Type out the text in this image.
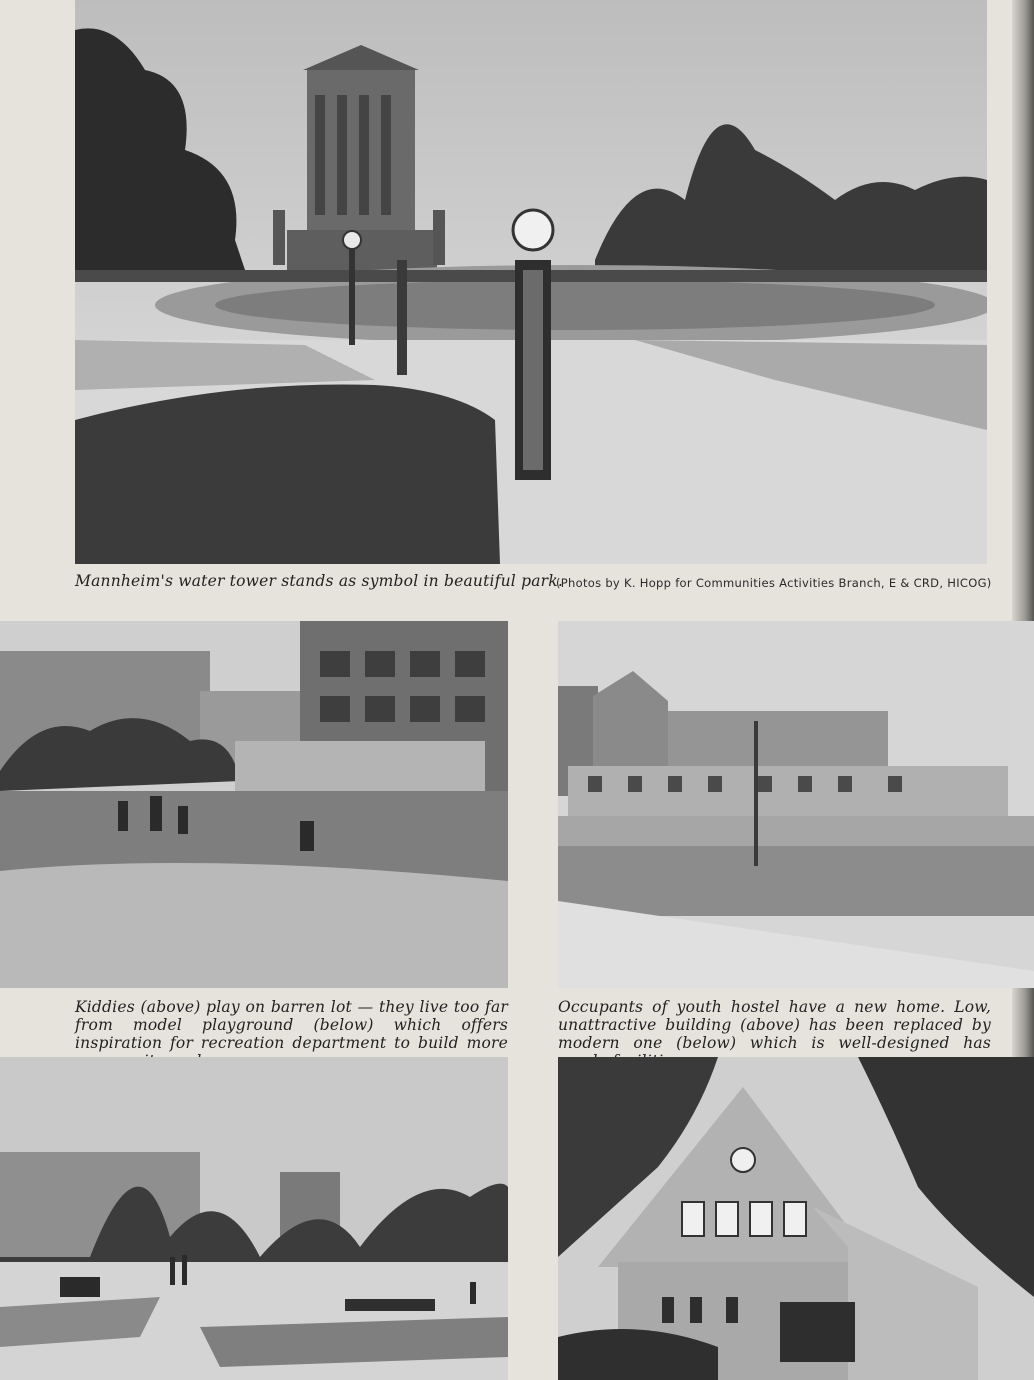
Mannheim's water tower stands as symbol in beautiful park.
(Photos by K. Hopp for Communities Activities Branch, E & CRD, HICOG)
Kiddies (above) play on barren lot — they live too far from model playground (below) which offers inspiration for recreation department to build more
Occupants of youth hostel have a new home. Low, unattractive building (above) has been replaced by modern one (below) which is well-designed has
